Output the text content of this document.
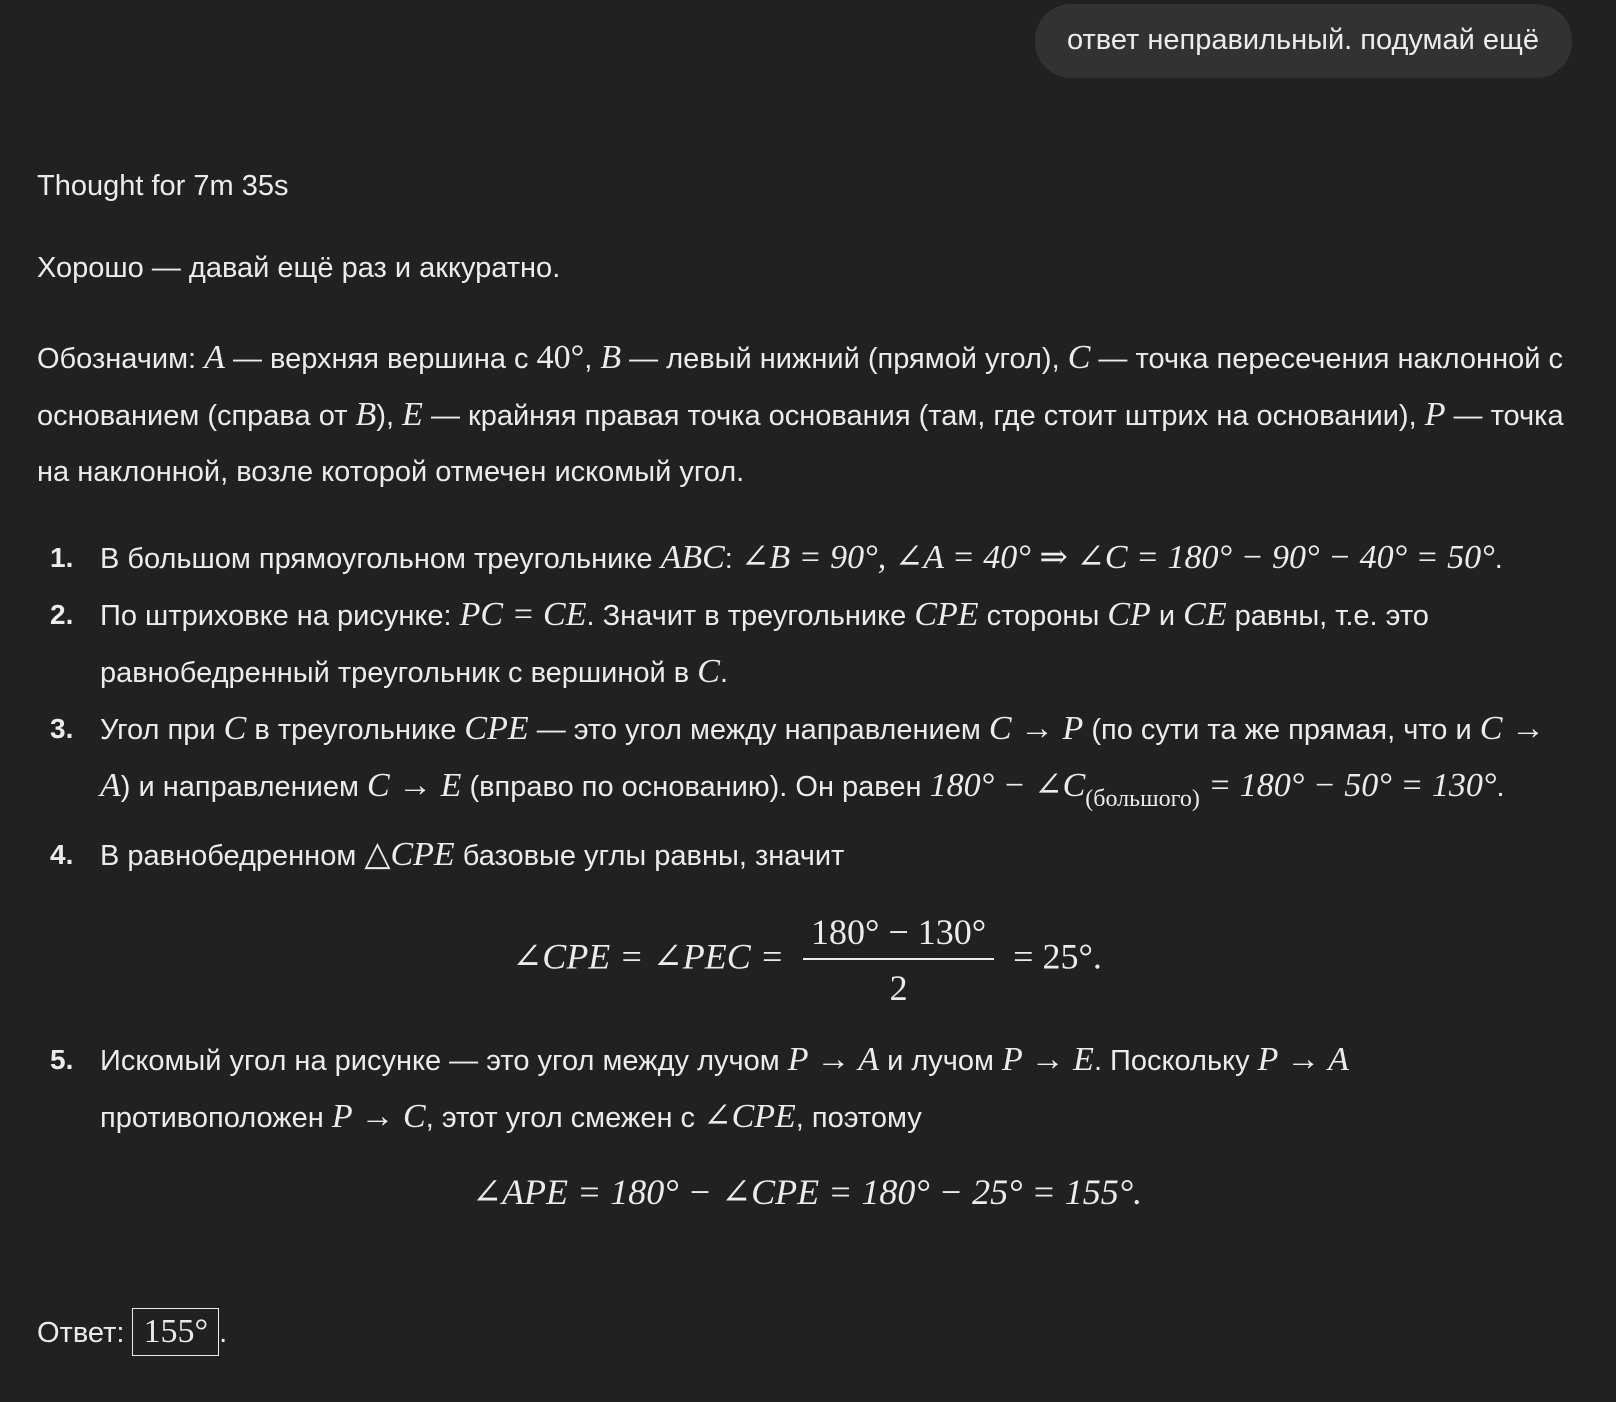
ответ неправильный. подумай ещё
Thought for 7m 35s
Хорошо — давай ещё раз и аккуратно.
Обозначим: A — верхняя вершина с 40°, B — левый нижний (прямой угол), C — точка пересечения наклонной с основанием (справа от B), E — крайняя правая точка основания (там, где стоит штрих на основании), P — точка на наклонной, возле которой отмечен искомый угол.
1. В большом прямоугольном треугольнике ABC: ∠B = 90°, ∠A = 40° ⇒ ∠C = 180° − 90° − 40° = 50°.
2. По штриховке на рисунке: PC = CE. Значит в треугольнике CPE стороны CP и CE равны, т.е. это равнобедренный треугольник с вершиной в C.
3. Угол при C в треугольнике CPE — это угол между направлением C → P (по сути та же прямая, что и C → A) и направлением C → E (вправо по основанию). Он равен $180^\circ - \angle C_{(большого)} = 180^\circ - 50^\circ = 130^\circ$.
4. В равнобедренном △CPE базовые углы равны, значит
∠CPE = ∠PEC = $\frac{180^\circ - 130^\circ}{2} = 25^\circ$.
5. Искомый угол на рисунке — это угол между лучом P → A и лучом P → E. Поскольку P → A противоположен P → C, этот угол смежен с ∠CPE, поэтому
∠APE = 180° − ∠CPE = 180° − 25° = 155°.
Ответ: 155° .
